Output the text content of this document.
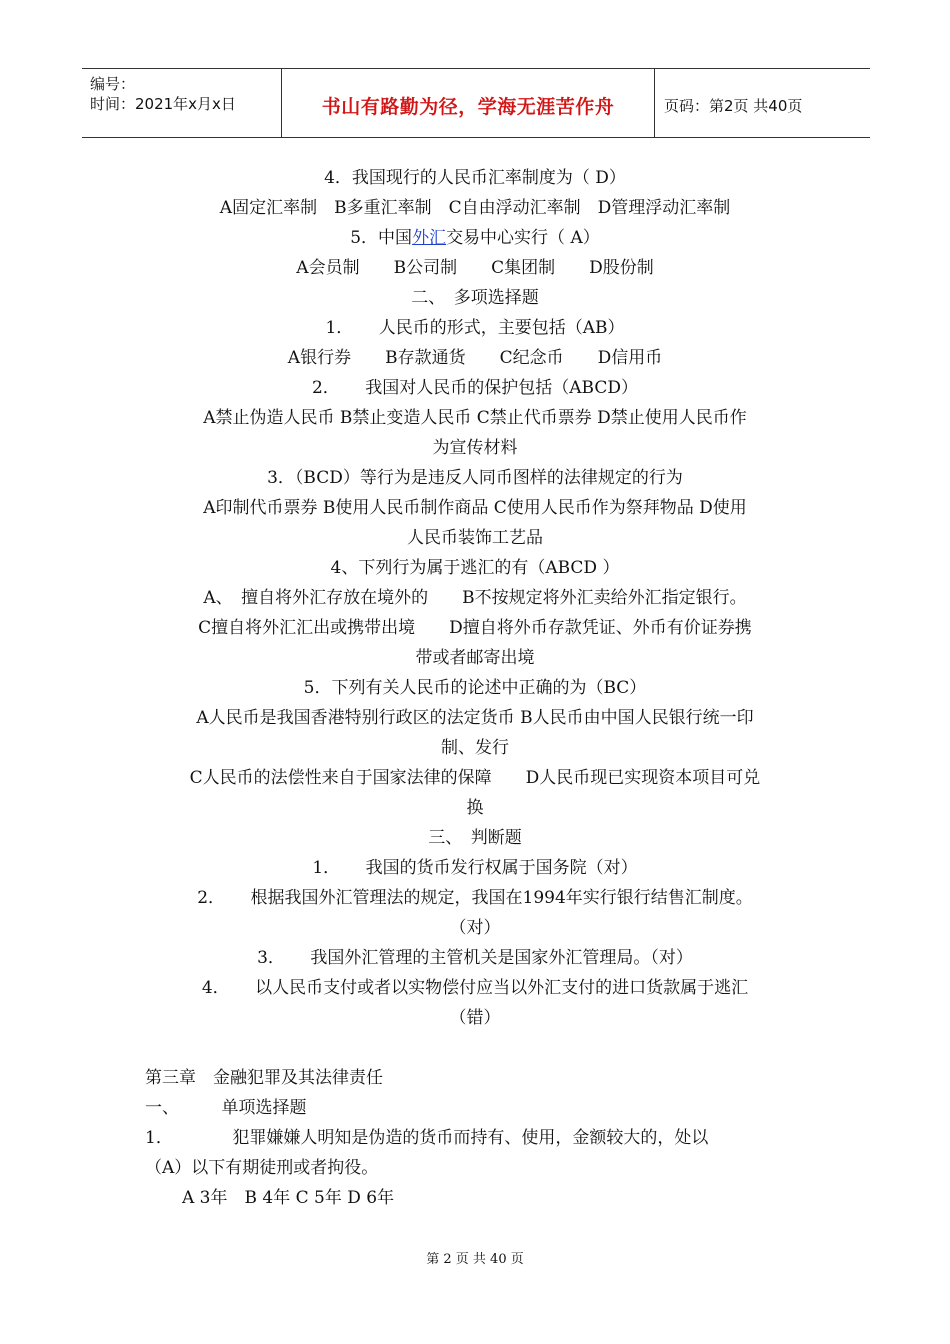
编号：
时间：2021年x月x日	书山有路勤为径，学海无涯苦作舟	页码：第2页 共40页
4．我国现行的人民币汇率制度为（ D）
A固定汇率制　B多重汇率制　C自由浮动汇率制　D管理浮动汇率制
5．中国外汇交易中心实行（ A）
A会员制　　B公司制　　C集团制　　D股份制
二、　多项选择题
1．　　人民币的形式，主要包括（AB）
A银行券　　B存款通货　　C纪念币　　D信用币
2．　　我国对人民币的保护包括（ABCD）
A禁止伪造人民币 B禁止变造人民币 C禁止代币票券 D禁止使用人民币作
为宣传材料
3．（BCD）等行为是违反人同币图样的法律规定的行为
A印制代币票券 B使用人民币制作商品 C使用人民币作为祭拜物品 D使用
人民币装饰工艺品
4、下列行为属于逃汇的有（ABCD ）
A、　擅自将外汇存放在境外的　　B不按规定将外汇卖给外汇指定银行。
C擅自将外汇汇出或携带出境　　D擅自将外币存款凭证、外币有价证券携
带或者邮寄出境
5．下列有关人民币的论述中正确的为（BC）
A人民币是我国香港特别行政区的法定货币 B人民币由中国人民银行统一印
制、发行
C人民币的法偿性来自于国家法律的保障　　D人民币现已实现资本项目可兑
换
三、　判断题
1．　　我国的货币发行权属于国务院（对）
2．　　根据我国外汇管理法的规定，我国在1994年实行银行结售汇制度。
（对）
3．　　我国外汇管理的主管机关是国家外汇管理局。（对）
4．　　以人民币支付或者以实物偿付应当以外汇支付的进口货款属于逃汇
（错）
第三章　金融犯罪及其法律责任
一、　　　单项选择题
1．　　　　犯罪嫌嫌人明知是伪造的货币而持有、使用，金额较大的，处以
（A）以下有期徒刑或者拘役。
A 3年　B 4年 C 5年 D 6年
第 2 页 共 40 页
